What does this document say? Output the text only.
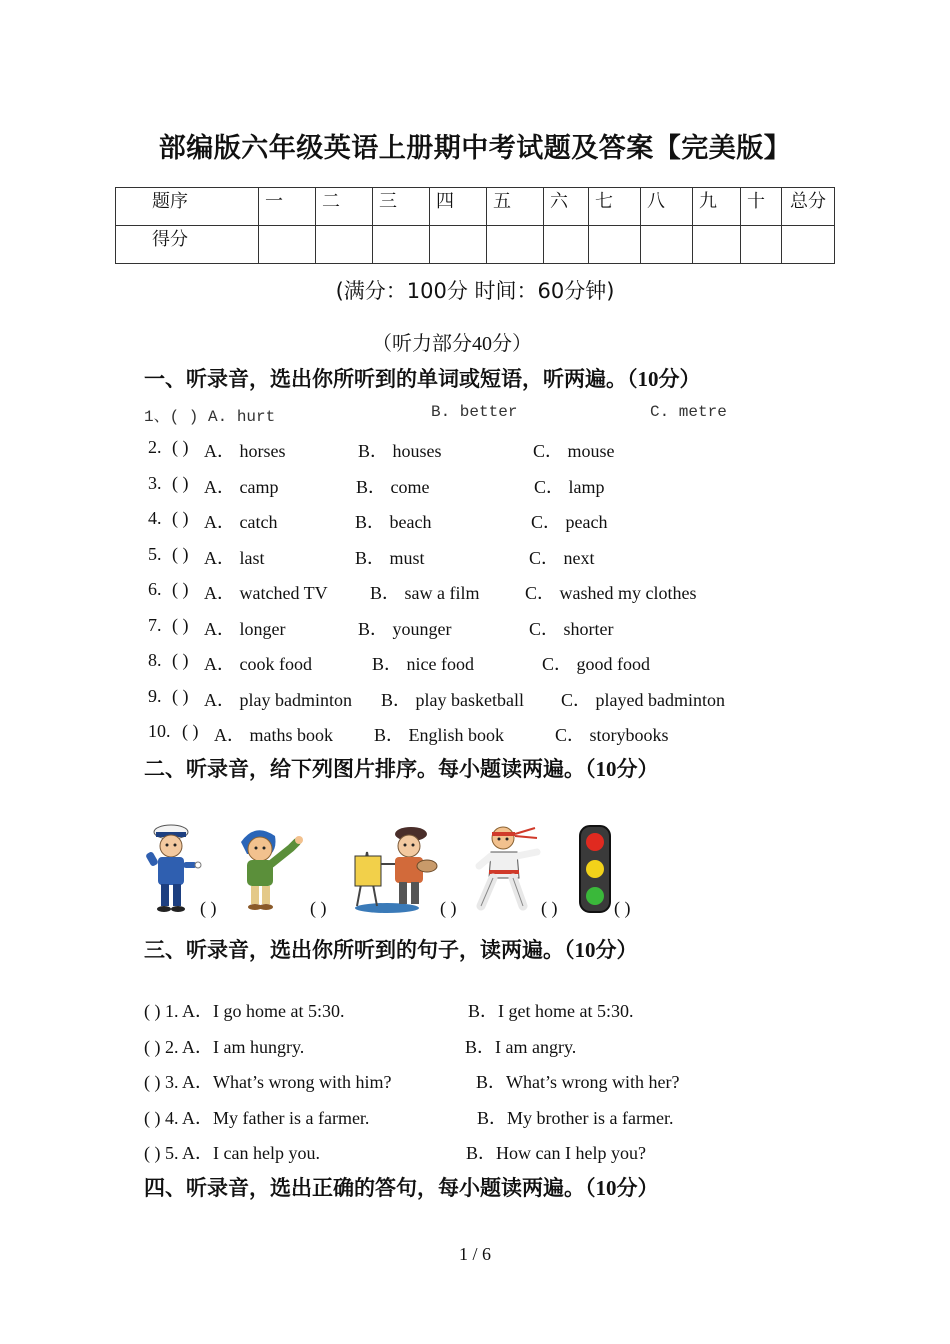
部编版六年级英语上册期中考试题及答案【完美版】
题序	一	二	三	四	五	六	七	八	九	十	总分
得分											
(满分：100分 时间：60分钟)
（听力部分40分）
一、听录音，选出你所听到的单词或短语，听两遍。（10分）
1、( ) A. hurt	B. better	C. metre
2. ( ) A． horses	B． houses	C． mouse
3. ( ) A． camp	B． come	C． lamp
4. ( ) A． catch	B． beach	C． peach
5. ( ) A． last	B． must	C． next
6. ( ) A． watched TV B． saw a film	C． washed my clothes
7. ( ) A． longer	B． younger	C． shorter
8. ( ) A． cook food	B． nice food	C． good food
9. ( ) A． play badminton B． play basketball C． played badminton
10. ( ) A． maths book B． English book	C． storybooks
二、听录音，给下列图片排序。每小题读两遍。（10分）
( )	( )	( )	( )	( )
三、听录音，选出你所听到的句子，读两遍。（10分）
( ) 1. A．I go home at 5:30.	B．I get home at 5:30.
( ) 2. A．I am hungry.	B．I am angry.
( ) 3. A．What’s wrong with him?	B．What’s wrong with her?
( ) 4. A．My father is a farmer.	B．My brother is a farmer.
( ) 5. A．I can help you.	B．How can I help you?
四、听录音，选出正确的答句，每小题读两遍。（10分）
1 / 6
